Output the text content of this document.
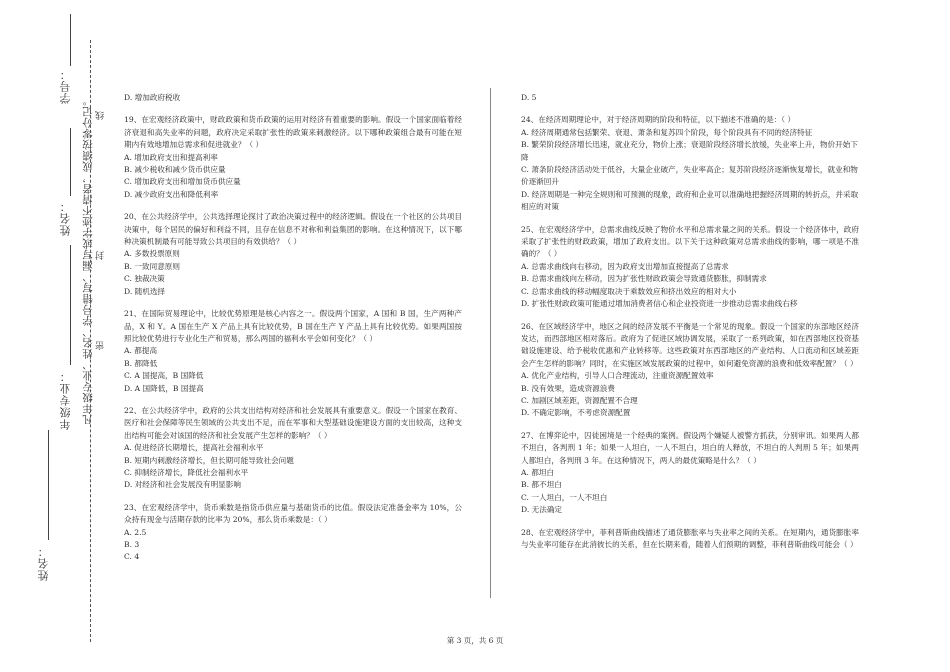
学号：
姓名：
年级专业：
姓名：
凡年级专业、姓名、学号错写、漏写或字迹不清者，成绩按零分记。 线
封
密
D. 增加政府税收
19、在宏观经济政策中，财政政策和货币政策的运用对经济有着重要的影响。假设一个国家面临着经济衰退和高失业率的问题，政府决定采取扩张性的政策来刺激经济。以下哪种政策组合最有可能在短期内有效地增加总需求和促进就业？（ ）
A. 增加政府支出和提高利率
B. 减少税收和减少货币供应量
C. 增加政府支出和增加货币供应量
D. 减少政府支出和降低利率
20、在公共经济学中，公共选择理论探讨了政治决策过程中的经济逻辑。假设在一个社区的公共项目决策中，每个居民的偏好和利益不同，且存在信息不对称和利益集团的影响。在这种情况下，以下哪种决策机制最有可能导致公共项目的有效供给？（ ）
A. 多数投票原则
B. 一致同意原则
C. 独裁决策
D. 随机选择
21、在国际贸易理论中，比较优势原理是核心内容之一。假设两个国家，A 国和 B 国，生产两种产品，X 和 Y。A 国在生产 X 产品上具有比较优势，B 国在生产 Y 产品上具有比较优势。如果两国按照比较优势进行专业化生产和贸易，那么两国的福利水平会如何变化？（ ）
A. 都提高
B. 都降低
C. A 国提高，B 国降低
D. A 国降低，B 国提高
22、在公共经济学中，政府的公共支出结构对经济和社会发展具有重要意义。假设一个国家在教育、医疗和社会保障等民生领域的公共支出不足，而在军事和大型基础设施建设方面的支出较高，这种支出结构可能会对该国的经济和社会发展产生怎样的影响？（ ）
A. 促进经济长期增长，提高社会福利水平
B. 短期内刺激经济增长，但长期可能导致社会问题
C. 抑制经济增长，降低社会福利水平
D. 对经济和社会发展没有明显影响
23、在宏观经济学中，货币乘数是指货币供应量与基础货币的比值。假设法定准备金率为 10%，公众持有现金与活期存款的比率为 20%，那么货币乘数是：（ ）
A. 2.5
B. 3
C. 4
D. 5
24、在经济周期理论中，对于经济周期的阶段和特征，以下描述不准确的是：（ ）
A. 经济周期通常包括繁荣、衰退、萧条和复苏四个阶段，每个阶段具有不同的经济特征
B. 繁荣阶段经济增长迅速，就业充分，物价上涨；衰退阶段经济增长放缓，失业率上升，物价开始下降
C. 萧条阶段经济活动处于低谷，大量企业破产，失业率高企；复苏阶段经济逐渐恢复增长，就业和物价逐渐回升
D. 经济周期是一种完全规则和可预测的现象，政府和企业可以准确地把握经济周期的转折点，并采取相应的对策
25、在宏观经济学中，总需求曲线反映了物价水平和总需求量之间的关系。假设一个经济体中，政府采取了扩张性的财政政策，增加了政府支出。以下关于这种政策对总需求曲线的影响，哪一项是不准确的？（ ）
A. 总需求曲线向右移动，因为政府支出增加直接提高了总需求
B. 总需求曲线向左移动，因为扩张性财政政策会导致通货膨胀，抑制需求
C. 总需求曲线的移动幅度取决于乘数效应和挤出效应的相对大小
D. 扩张性财政政策可能通过增加消费者信心和企业投资进一步推动总需求曲线右移
26、在区域经济学中，地区之间的经济发展不平衡是一个常见的现象。假设一个国家的东部地区经济发达，而西部地区相对落后。政府为了促进区域协调发展，采取了一系列政策，如在西部地区投资基础设施建设、给予税收优惠和产业转移等。这些政策对东西部地区的产业结构、人口流动和区域差距会产生怎样的影响？同时，在实施区域发展政策的过程中，如何避免资源的浪费和低效率配置？（ ）
A. 优化产业结构，引导人口合理流动，注重资源配置效率
B. 没有效果，造成资源浪费
C. 加剧区域差距，资源配置不合理
D. 不确定影响，不考虑资源配置
27、在博弈论中，囚徒困境是一个经典的案例。假设两个嫌疑人被警方抓获，分别审讯。如果两人都不坦白，各判刑 1 年；如果一人坦白，一人不坦白，坦白的人释放，不坦白的人判刑 5 年；如果两人都坦白，各判刑 3 年。在这种情况下，两人的最优策略是什么？（ ）
A. 都坦白
B. 都不坦白
C. 一人坦白，一人不坦白
D. 无法确定
28、在宏观经济学中，菲利普斯曲线描述了通货膨胀率与失业率之间的关系。在短期内，通货膨胀率与失业率可能存在此消彼长的关系，但在长期来看，随着人们预期的调整，菲利普斯曲线可能会（ ）
第 3 页，共 6 页
